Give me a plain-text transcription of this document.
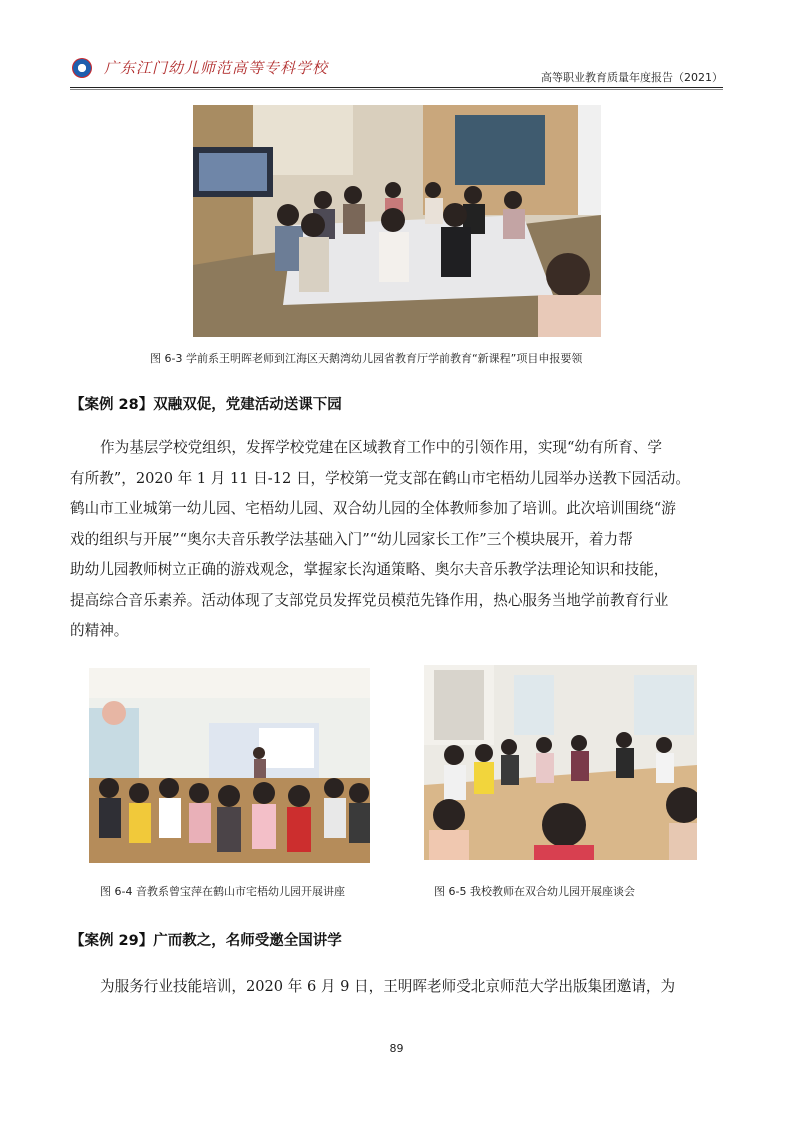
广东江门幼儿师范高等专科学校
高等职业教育质量年度报告（2021）
图 6-3 学前系王明晖老师到江海区天鹅湾幼儿园省教育厅学前教育“新课程”项目申报要领
【案例 28】双融双促，党建活动送课下园
作为基层学校党组织，发挥学校党建在区域教育工作中的引领作用，实现“幼有所育、学
有所教”，2020 年 1 月 11 日-12 日，学校第一党支部在鹤山市宅梧幼儿园举办送教下园活动。
鹤山市工业城第一幼儿园、宅梧幼儿园、双合幼儿园的全体教师参加了培训。此次培训围绕“游
戏的组织与开展”“奥尔夫音乐教学法基础入门”“幼儿园家长工作”三个模块展开，着力帮
助幼儿园教师树立正确的游戏观念，掌握家长沟通策略、奥尔夫音乐教学法理论知识和技能，
提高综合音乐素养。活动体现了支部党员发挥党员模范先锋作用，热心服务当地学前教育行业
的精神。
图 6-4 音教系曾宝萍在鹤山市宅梧幼儿园开展讲座	图 6-5 我校教师在双合幼儿园开展座谈会
【案例 29】广而教之，名师受邀全国讲学
为服务行业技能培训，2020 年 6 月 9 日，王明晖老师受北京师范大学出版集团邀请，为
89
